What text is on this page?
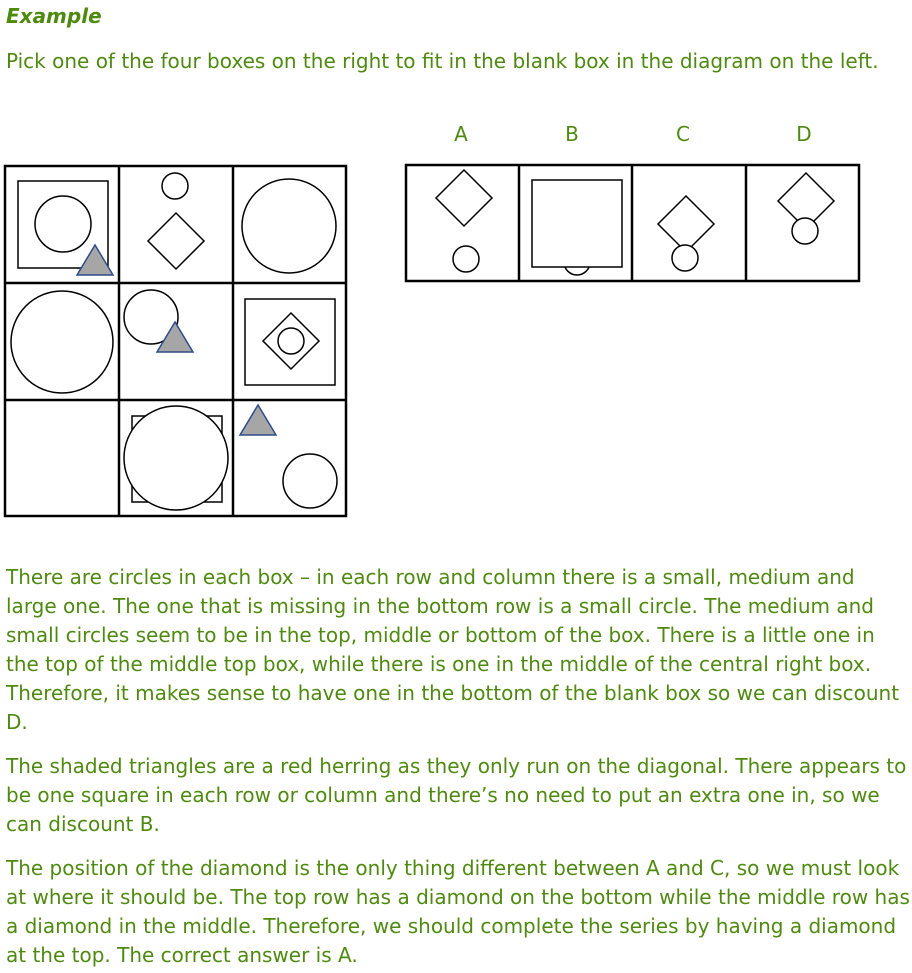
Example

Pick one of the four boxes on the right to fit in the blank box in the diagram on the left.

A	B	C	D

There are circles in each box – in each row and column there is a small, medium and large one. The one that is missing in the bottom row is a small circle. The medium and small circles seem to be in the top, middle or bottom of the box. There is a little one in the top of the middle top box, while there is one in the middle of the central right box. Therefore, it makes sense to have one in the bottom of the blank box so we can discount D.

The shaded triangles are a red herring as they only run on the diagonal. There appears to be one square in each row or column and there’s no need to put an extra one in, so we can discount B.

The position of the diamond is the only thing different between A and C, so we must look at where it should be. The top row has a diamond on the bottom while the middle row has a diamond in the middle. Therefore, we should complete the series by having a diamond at the top. The correct answer is A.
